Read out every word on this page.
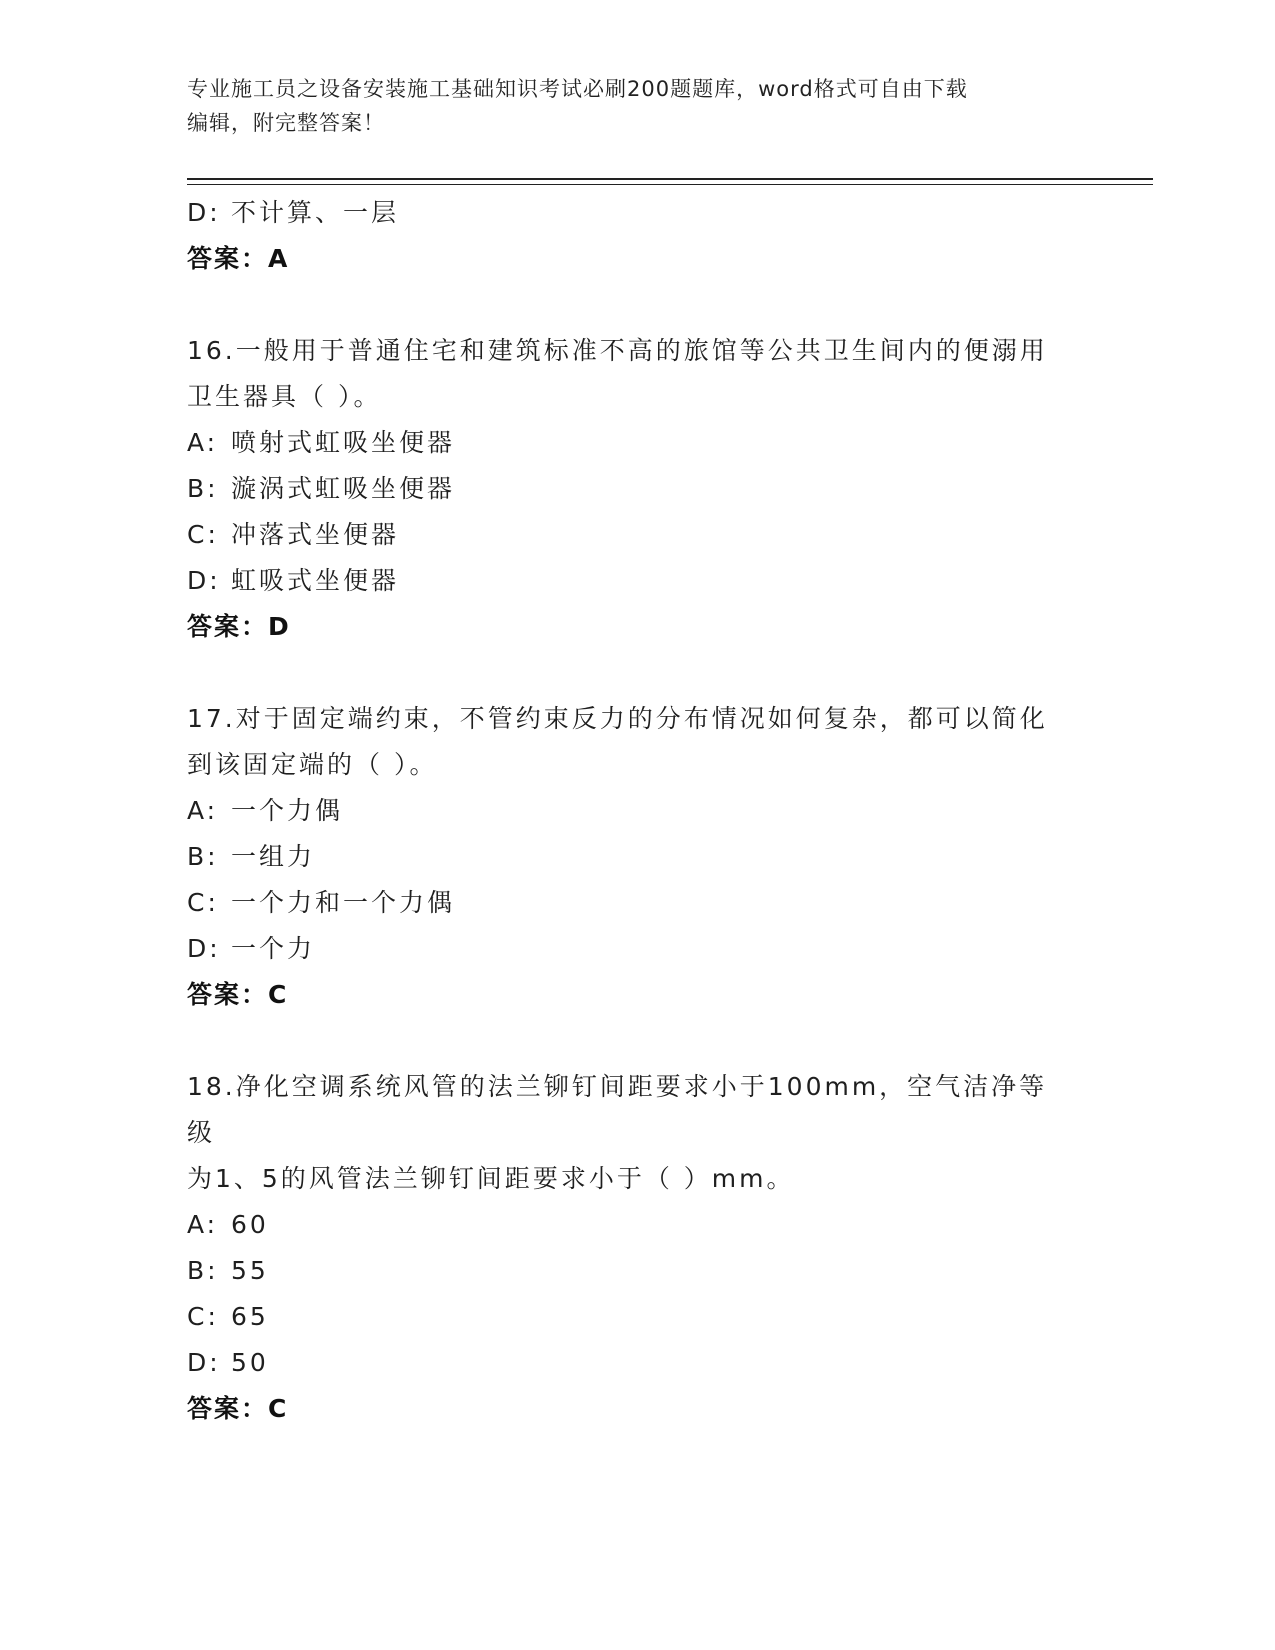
专业施工员之设备安装施工基础知识考试必刷200题题库，word格式可自由下载
编辑，附完整答案！
D: 不计算、一层
答案：A
16.一般用于普通住宅和建筑标准不高的旅馆等公共卫生间内的便溺用
卫生器具（ ）。
A: 喷射式虹吸坐便器
B: 漩涡式虹吸坐便器
C: 冲落式坐便器
D: 虹吸式坐便器
答案：D
17.对于固定端约束，不管约束反力的分布情况如何复杂，都可以简化
到该固定端的（ ）。
A: 一个力偶
B: 一组力
C: 一个力和一个力偶
D: 一个力
答案：C
18.净化空调系统风管的法兰铆钉间距要求小于100mm，空气洁净等级
为1、5的风管法兰铆钉间距要求小于（ ）mm。
A: 60
B: 55
C: 65
D: 50
答案：C
